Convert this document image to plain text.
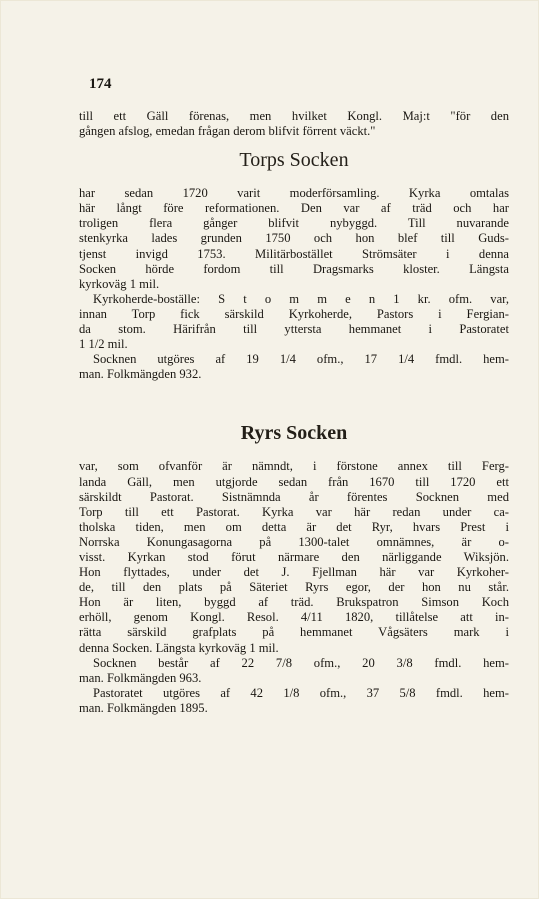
174

till ett Gäll förenas, men hvilket Kongl. Maj:t "för den

gången afslog, emedan frågan derom blifvit förrent väckt."

Torps Socken

har sedan 1720 varit moderförsamling. Kyrka omtalas

här långt före reformationen. Den var af träd och har

troligen flera gånger blifvit nybyggd. Till nuvarande

stenkyrka lades grunden 1750 och hon blef till Guds-

tjenst invigd 1753. Militärbostället Strömsäter i denna

Socken hörde fordom till Dragsmarks kloster. Längsta

kyrkoväg 1 mil.

Kyrkoherde-boställe: S t o m m e n 1 kr. ofm. var,

innan Torp fick särskild Kyrkoherde, Pastors i Fergian-

da stom. Härifrån till yttersta hemmanet i Pastoratet

1 1/2 mil.

Socknen utgöres af 19 1/4 ofm., 17 1/4 fmdl. hem-

man. Folkmängden 932.

Ryrs Socken

var, som ofvanför är nämndt, i förstone annex till Ferg-

landa Gäll, men utgjorde sedan från 1670 till 1720 ett

särskildt Pastorat. Sistnämnda år förentes Socknen med

Torp till ett Pastorat. Kyrka var här redan under ca-

tholska tiden, men om detta är det Ryr, hvars Prest i

Norrska Konungasagorna på 1300-talet omnämnes, är o-

visst. Kyrkan stod förut närmare den närliggande Wiksjön.

Hon flyttades, under det J. Fjellman här var Kyrkoher-

de, till den plats på Säteriet Ryrs egor, der hon nu står.

Hon är liten, byggd af träd. Brukspatron Simson Koch

erhöll, genom Kongl. Resol. 4/11 1820, tillåtelse att in-

rätta särskild grafplats på hemmanet Vågsäters mark i

denna Socken. Längsta kyrkoväg 1 mil.

Socknen består af 22 7/8 ofm., 20 3/8 fmdl. hem-

man. Folkmängden 963.

Pastoratet utgöres af 42 1/8 ofm., 37 5/8 fmdl. hem-

man. Folkmängden 1895.
